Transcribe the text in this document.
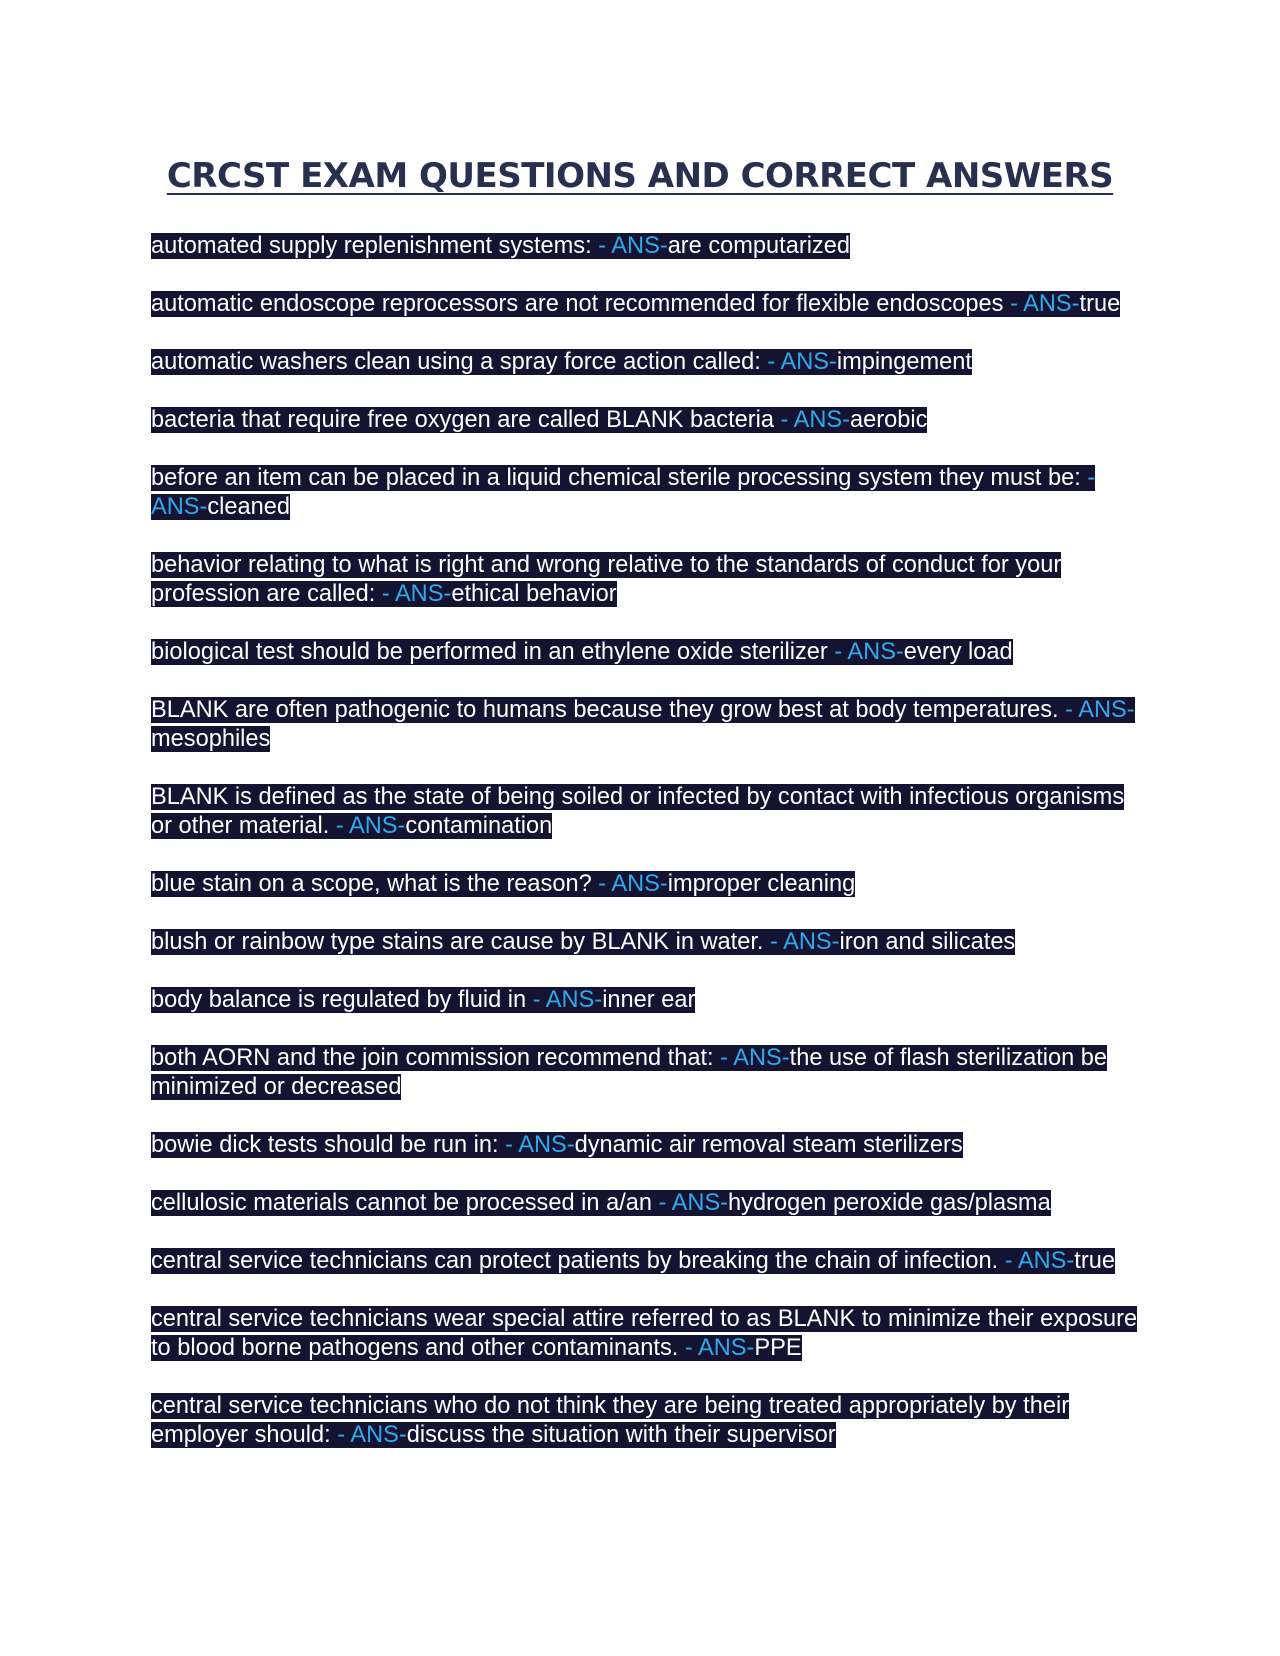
CRCST EXAM QUESTIONS AND CORRECT ANSWERS
automated supply replenishment systems: - ANS-are computarized
automatic endoscope reprocessors are not recommended for flexible endoscopes - ANS-true
automatic washers clean using a spray force action called: - ANS-impingement
bacteria that require free oxygen are called BLANK bacteria - ANS-aerobic
before an item can be placed in a liquid chemical sterile processing system they must be: - ANS-cleaned
behavior relating to what is right and wrong relative to the standards of conduct for your profession are called: - ANS-ethical behavior
biological test should be performed in an ethylene oxide sterilizer - ANS-every load
BLANK are often pathogenic to humans because they grow best at body temperatures. - ANS-mesophiles
BLANK is defined as the state of being soiled or infected by contact with infectious organisms or other material. - ANS-contamination
blue stain on a scope, what is the reason? - ANS-improper cleaning
blush or rainbow type stains are cause by BLANK in water. - ANS-iron and silicates
body balance is regulated by fluid in - ANS-inner ear
both AORN and the join commission recommend that: - ANS-the use of flash sterilization be minimized or decreased
bowie dick tests should be run in: - ANS-dynamic air removal steam sterilizers
cellulosic materials cannot be processed in a/an - ANS-hydrogen peroxide gas/plasma
central service technicians can protect patients by breaking the chain of infection. - ANS-true
central service technicians wear special attire referred to as BLANK to minimize their exposure to blood borne pathogens and other contaminants. - ANS-PPE
central service technicians who do not think they are being treated appropriately by their employer should: - ANS-discuss the situation with their supervisor
